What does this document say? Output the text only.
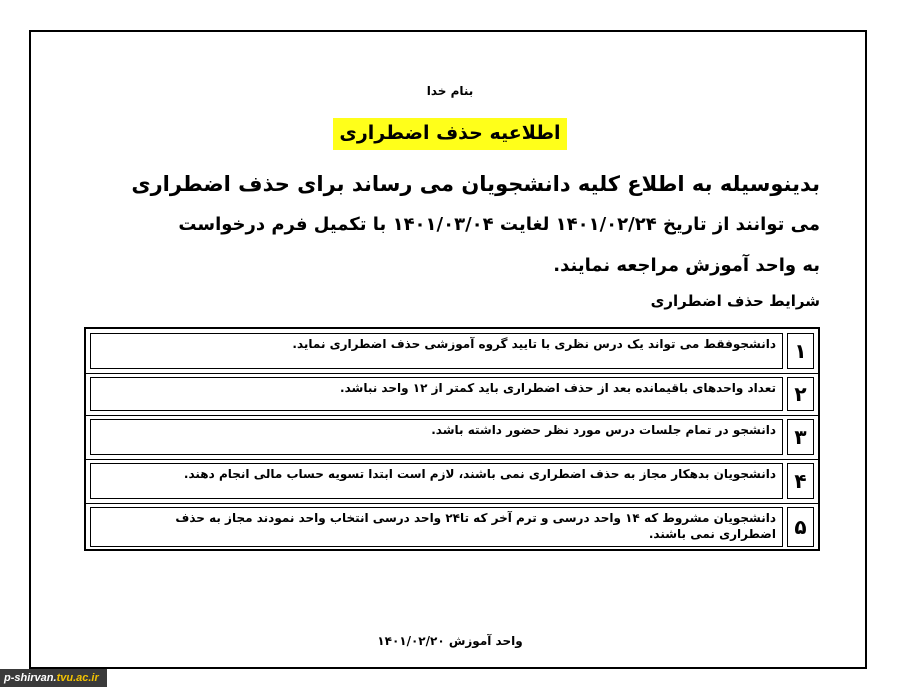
بنام خدا
اطلاعیه حذف اضطراری
بدینوسیله به اطلاع کلیه دانشجویان می رساند برای حذف اضطراری
می توانند از تاریخ ۱۴۰۱/۰۲/۲۴ لغایت ۱۴۰۱/۰۳/۰۴ با تکمیل فرم درخواست
به واحد آموزش مراجعه نمایند.
شرایط حذف اضطراری
دانشجوفقط می تواند یک درس نظری با تایید گروه آموزشی حذف اضطراری نماید. ۱
تعداد واحدهای باقیمانده بعد از حذف اضطراری باید کمتر از ۱۲ واحد نباشد. ۲
دانشجو در تمام جلسات درس مورد نظر حضور داشته باشد. ۳
دانشجویان بدهکار مجاز به حذف اضطراری نمی باشند، لازم است ابتدا تسویه حساب مالی انجام دهند. ۴
دانشجویان مشروط که ۱۴ واحد درسی و ترم آخر که تا۲۴ واحد درسی انتخاب واحد نمودند مجاز به حذف اضطراری نمی باشند. ۵
واحد آموزش ۱۴۰۱/۰۲/۲۰
p-shirvan.tvu.ac.ir
